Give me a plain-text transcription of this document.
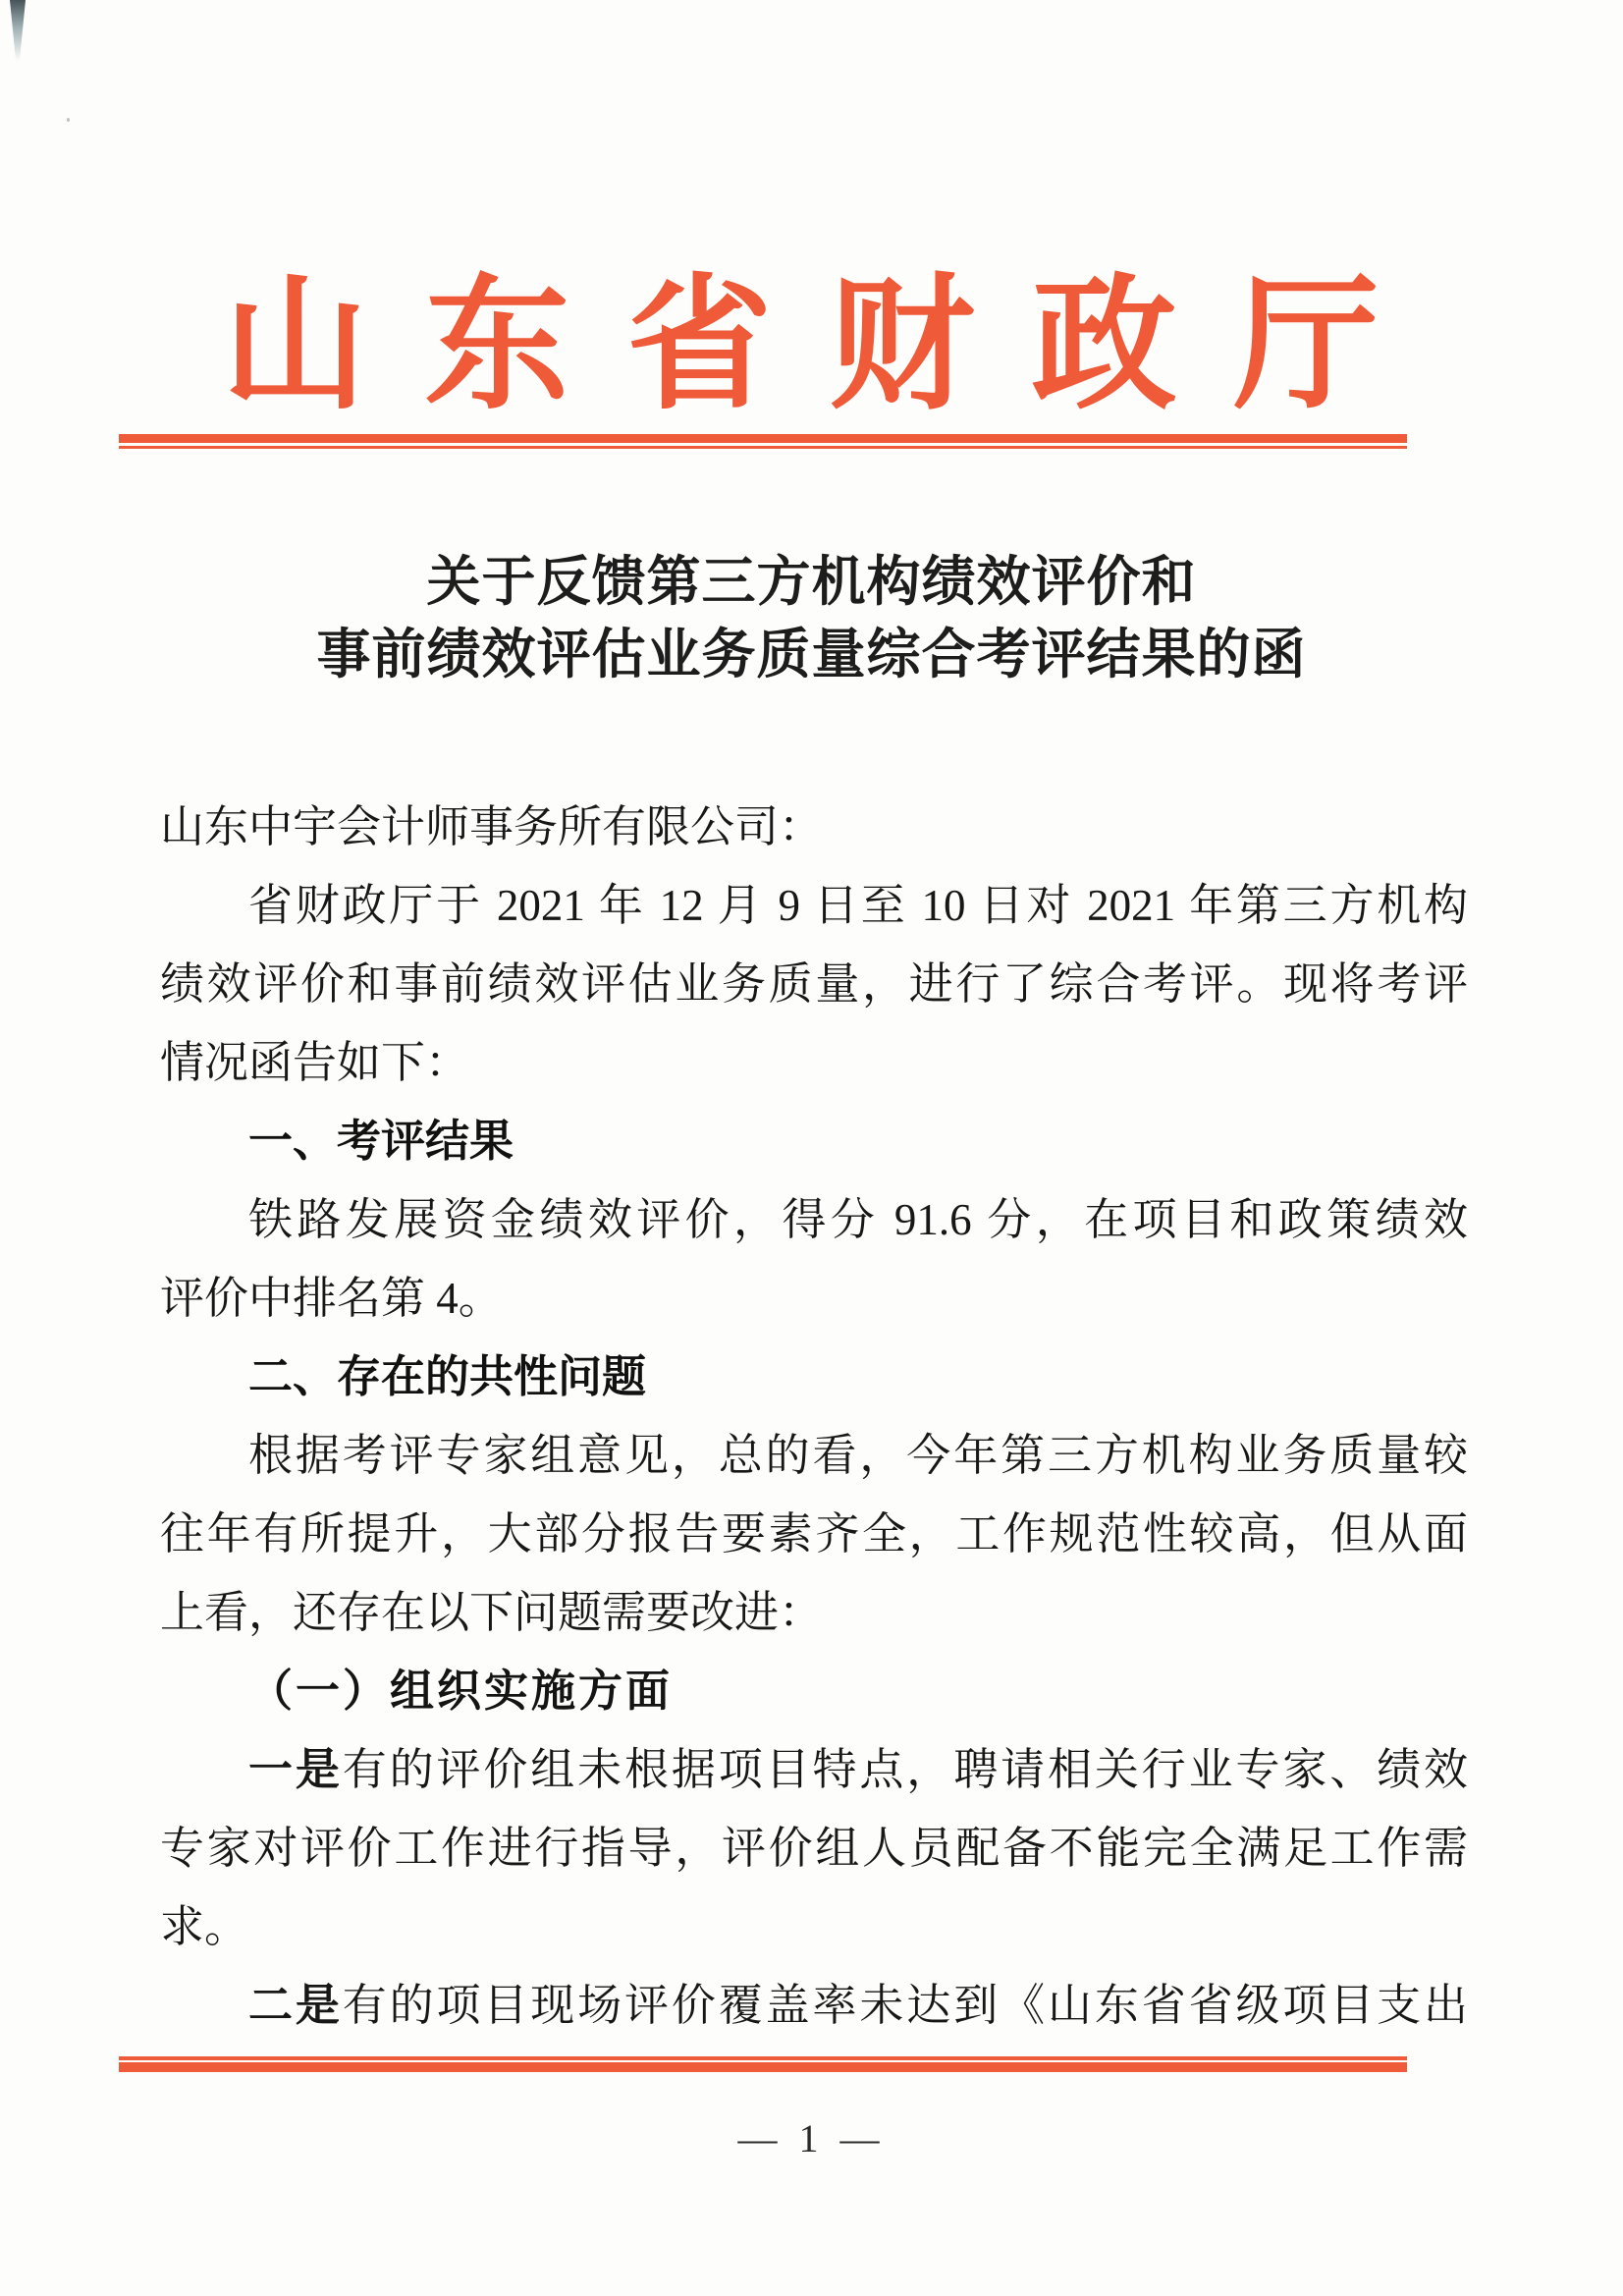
山东省财政厅
关于反馈第三方机构绩效评价和
事前绩效评估业务质量综合考评结果的函
山东中宇会计师事务所有限公司：
省财政厅于 2021 年 12 月 9 日至 10 日对 2021 年第三方机构
绩效评价和事前绩效评估业务质量，进行了综合考评。现将考评
情况函告如下：
一、考评结果
铁路发展资金绩效评价，得分 91.6 分，在项目和政策绩效
评价中排名第 4。
二、存在的共性问题
根据考评专家组意见，总的看，今年第三方机构业务质量较
往年有所提升，大部分报告要素齐全，工作规范性较高，但从面
上看，还存在以下问题需要改进：
（一）组织实施方面
一是有的评价组未根据项目特点，聘请相关行业专家、绩效
专家对评价工作进行指导，评价组人员配备不能完全满足工作需
求。
二是有的项目现场评价覆盖率未达到《山东省省级项目支出
— 1 —
